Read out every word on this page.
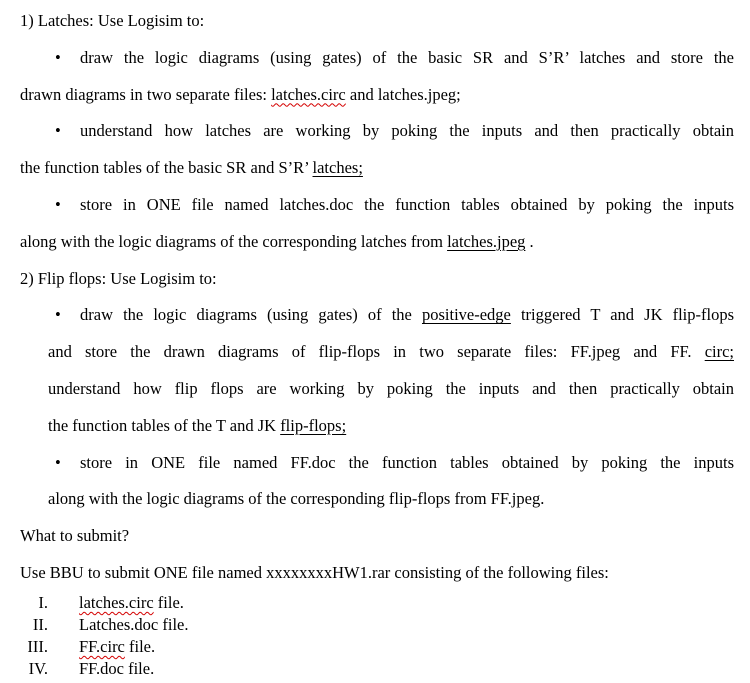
1) Latches: Use Logisim to:
• draw the logic diagrams (using gates) of the basic SR and S’R’ latches and store the
drawn diagrams in two separate files: latches.circ and latches.jpeg;
• understand how latches are working by poking the inputs and then practically obtain
the function tables of the basic SR and S’R’ latches;
• store in ONE file named latches.doc the function tables obtained by poking the inputs
along with the logic diagrams of the corresponding latches from latches.jpeg .
2) Flip flops: Use Logisim to:
• draw the logic diagrams (using gates) of the positive-edge triggered T and JK flip-flops
and store the drawn diagrams of flip-flops in two separate files: FF.jpeg and FF. circ;
understand how flip flops are working by poking the inputs and then practically obtain
the function tables of the T and JK flip-flops;
• store in ONE file named FF.doc the function tables obtained by poking the inputs
along with the logic diagrams of the corresponding flip-flops from FF.jpeg.
What to submit?
Use BBU to submit ONE file named xxxxxxxxHW1.rar consisting of the following files:
I. latches.circ file.
II. Latches.doc file.
III. FF.circ file.
IV. FF.doc file.
